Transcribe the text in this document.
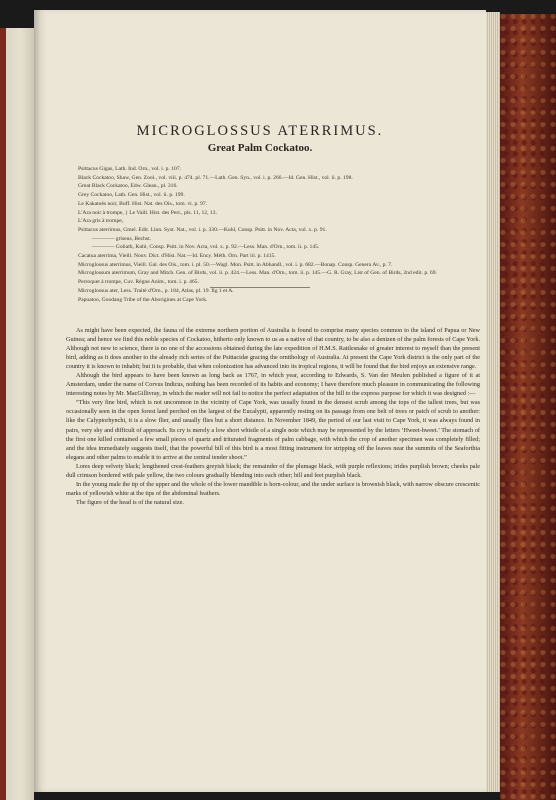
MICROGLOSSUS ATERRIMUS.
Great Palm Cockatoo.

Psittacus Gigas, Lath. Ind. Orn., vol. i. p. 107.

Black Cockatoo, Shaw, Gen. Zool., vol. viii. p. 474. pl. 71.—Lath. Gen. Syn., vol. i. p. 266.—Id. Gen. Hist., vol. ii. p. 198.

Great Black Cockatoo, Edw. Glean., pl. 316.

Grey Cockatoo, Lath. Gen. Hist., vol. ii. p. 199.

Le Kakatoès noir, Buff. Hist. Nat. des Ois., tom. vi. p. 97.

L'Ara noir à trompe, } Le Vaill. Hist. des Perr., pls. 11, 12, 13.

L'Ara gris à trompe,

Psittacus aterrimus, Gmel. Edit. Linn. Syst. Nat., vol. i. p. 330.—Kuhl, Consp. Psitt. in Nov. Acta, vol. x. p. 91.

———— griseus, Bechst.

———— Goliath, Kuhl, Consp. Psitt. in Nov. Acta, vol. x. p. 92.—Less. Man. d'Orn., tom. ii. p. 145.

Cacatua aterrima, Vieill. Nouv. Dict. d'Hist. Nat.—Id. Ency. Méth. Orn. Part iii. p. 1415.

Microglossus aterrimus, Vieill. Gal. des Ois., tom. i. pl. 50.—Wagl. Mon. Psitt. in Abhandl., vol. i. p. 682.—Bonap. Consp. Genera Av., p. 7.

Microglossum aterrimum, Gray and Mitch. Gen. of Birds, vol. ii. p. 424.—Less. Man. d'Orn., tom. ii. p. 145.—G. R. Gray, List of Gen. of Birds, 2nd edit. p. 69.

Perroquet à trompe, Cuv. Règne Anim., tom. i. p. 465.

Microglossus ater, Less. Traité d'Orn., p. 184, Atlas, pl. 19. fig 1 et A.

Papuatoo, Goodang Tribe of the Aborigines at Cape York.

As might have been expected, the fauna of the extreme northern portion of Australia is found to comprise many species common to the island of Papua or New Guinea; and hence we find this noble species of Cockatoo, hitherto only known to us as a native of that country, to be also a denizen of the palm forests of Cape York. Although not new to science, there is no one of the accessions obtained during the late expedition of H.M.S. Rattlesnake of greater interest to myself than the present bird, adding as it does another to the already rich series of the Psittacidæ gracing the ornithology of Australia. At present the Cape York district is the only part of the country it is known to inhabit; but it is probable, that when colonization has advanced into its tropical regions, it will be found that the bird enjoys an extensive range.

Although the bird appears to have been known as long back as 1767, in which year, according to Edwards, S. Van der Meulen published a figure of it at Amsterdam, under the name of Corvus Indicus, nothing has been recorded of its habits and economy; I have therefore much pleasure in communicating the following interesting notes by Mr. MacGillivray, in which the reader will not fail to notice the perfect adaptation of the bill to the express purpose for which it was designed :—

“This very fine bird, which is not uncommon in the vicinity of Cape York, was usually found in the densest scrub among the tops of the tallest trees, but was occasionally seen in the open forest land perched on the largest of the Eucalypti, apparently resting on its passage from one belt of trees or patch of scrub to another: like the Calyptorhynchi, it is a slow flier, and usually flies but a short distance. In November 1849, the period of our last visit to Cape York, it was always found in pairs, very shy and difficult of approach. Its cry is merely a low short whistle of a single note which may be represented by the letters ‘Hweet-hweet.’ The stomach of the first one killed contained a few small pieces of quartz and triturated fragments of palm cabbage, with which the crop of another specimen was completely filled; and the idea immediately suggests itself, that the powerful bill of this bird is a most fitting instrument for stripping off the leaves near the summits of the Seaforthia elegans and other palms to enable it to arrive at the central tender shoot.”

Lores deep velvety black; lengthened crest-feathers greyish black; the remainder of the plumage black, with purple reflexions; irides purplish brown; cheeks pale dull crimson bordered with pale yellow, the two colours gradually blending into each other; bill and feet purplish black.

In the young male the tip of the upper and the whole of the lower mandible is horn-colour, and the under surface is brownish black, with narrow obscure crescentic marks of yellowish white at the tips of the abdominal feathers.

The figure of the head is of the natural size.
